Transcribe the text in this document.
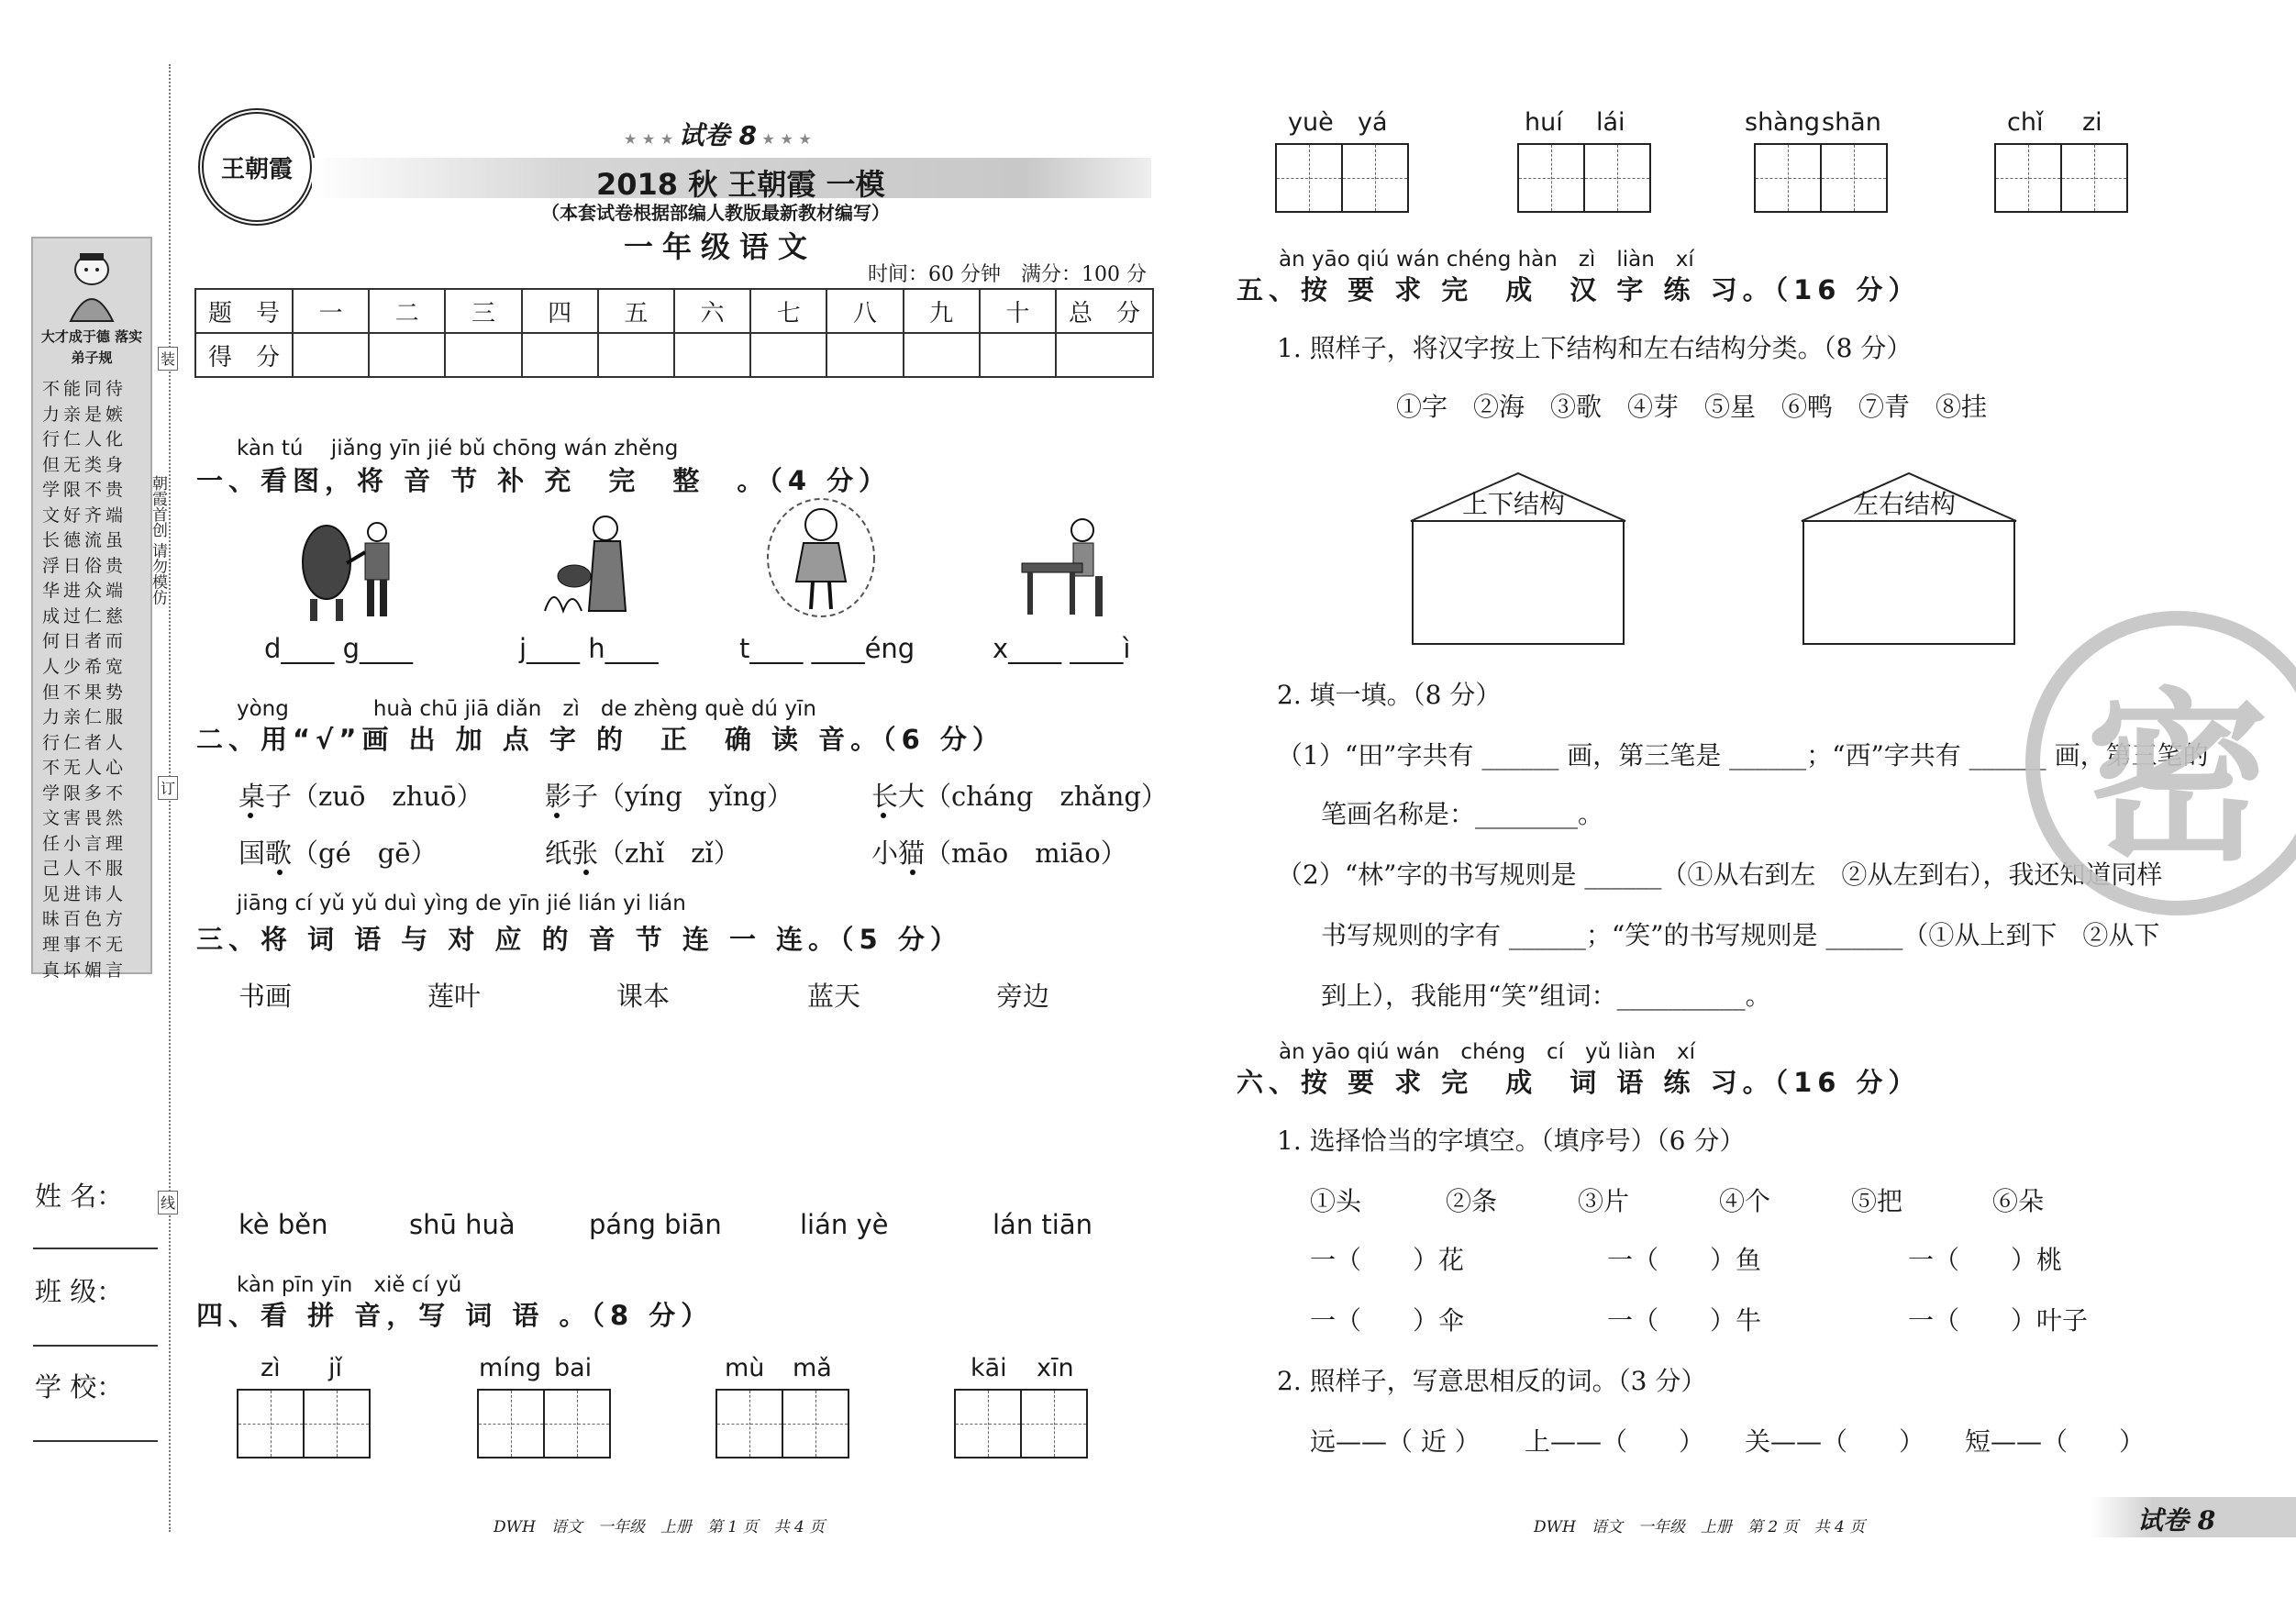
大才成于德 落实弟子规
不能同待 力亲是嫉 行仁人化 但无类身 学限不贵 文好齐端 长德流虽 浮日俗贵 华进众端 成过仁慈 何日者而 人少希宽 但不果势 力亲仁服 行仁者人 不无人心 学限多不 文害畏然 任小言理 己人不服 见进讳人 昧百色方 理事不无 真坏媚言
装
订
线
朝霞首创 请勿模仿
姓 名：
班 级：
学 校：
王朝霞
★ ★ ★ 试卷 8 ★ ★ ★
2018 秋 王朝霞 一模
（本套试卷根据部编人教版最新教材编写）
一年级语文
时间：60 分钟　满分：100 分
题　号	一	二	三	四	五	六	七	八	九	十	总　分
得　分											
kàn tú　 jiǎng yīn jié bǔ chōng wán zhěng
一、看图，将 音 节 补 充　完　整　。（4 分）
d____ g____	j____ h____	t____ ____éng	x____ ____ì
yòng　　　　huà chū jiā diǎn　zì　de zhèng què dú yīn
二、用“√”画 出 加 点 字 的　正　确 读 音。（6 分）
桌子（zuō　zhuō） 影子（yíng　yǐng）	长大（cháng　zhǎng）
国歌（gé　gē）	纸张（zhǐ　zǐ）	小猫（māo　miāo）
jiāng cí yǔ yǔ duì yìng de yīn jié lián yi lián
三、将 词 语 与 对 应 的 音 节 连 一 连。（5 分）
书画	莲叶	课本	蓝天	旁边
kè běn	shū huà	páng biān	lián yè	lán tiān
kàn pīn yīn　xiě cí yǔ
四、看 拼 音，写 词 语 。（8 分）
zì jǐ	míng bai	mù mǎ	kāi xīn
DWH　语文　一年级　上册　第 1 页　共 4 页
yuè yá	huí lái	shàng shān	chǐ zi
àn yāo qiú wán chéng hàn　zì　liàn　xí
五、按 要 求 完　成　汉 字 练 习。（16 分）
1. 照样子，将汉字按上下结构和左右结构分类。（8 分）
①字　②海　③歌　④芽　⑤星　⑥鸭　⑦青　⑧挂
上下结构	左右结构
2. 填一填。（8 分）
（1）“田”字共有 ______ 画，第三笔是 ______；“西”字共有 ______ 画，第三笔的
笔画名称是：________。
（2）“林”字的书写规则是 ______（①从右到左　②从左到右），我还知道同样
书写规则的字有 ______；“笑”的书写规则是 ______（①从上到下　②从下
到上），我能用“笑”组词：__________。
àn yāo qiú wán　chéng　cí　yǔ liàn　xí
六、按 要 求 完　成　词 语 练 习。（16 分）
1. 选择恰当的字填空。（填序号）（6 分）
①头	②条	③片	④个	⑤把	⑥朵
一（　　）花	一（　　）鱼	一（　　）桃
一（　　）伞	一（　　）牛	一（　　）叶子
2. 照样子，写意思相反的词。（3 分）
远——（ 近 ） 上——（　　） 关——（　　） 短——（　　）
密
DWH　语文　一年级　上册　第 2 页　共 4 页	试卷 8
